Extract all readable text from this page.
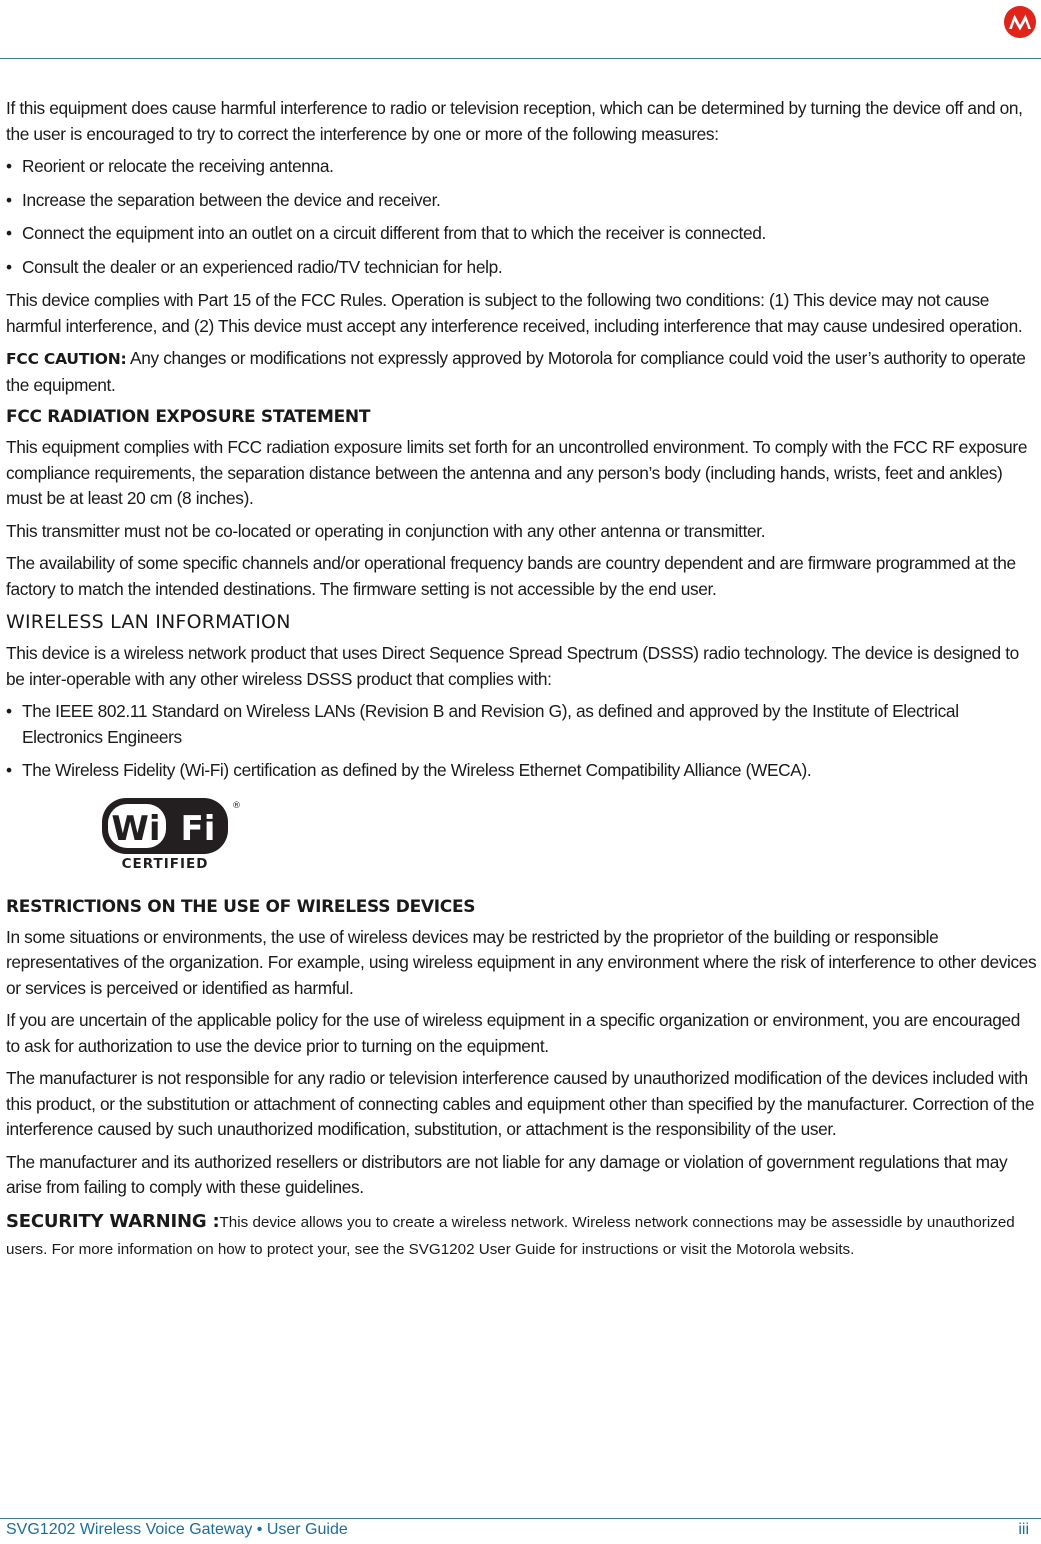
If this equipment does cause harmful interference to radio or television reception, which can be determined by turning the device off and on, the user is encouraged to try to correct the interference by one or more of the following measures:

• Reorient or relocate the receiving antenna.
• Increase the separation between the device and receiver.
• Connect the equipment into an outlet on a circuit different from that to which the receiver is connected.
• Consult the dealer or an experienced radio/TV technician for help.

This device complies with Part 15 of the FCC Rules. Operation is subject to the following two conditions: (1) This device may not cause harmful interference, and (2) This device must accept any interference received, including interference that may cause undesired operation.

FCC CAUTION: Any changes or modifications not expressly approved by Motorola for compliance could void the user’s authority to operate the equipment.

FCC RADIATION EXPOSURE STATEMENT

This equipment complies with FCC radiation exposure limits set forth for an uncontrolled environment. To comply with the FCC RF exposure compliance requirements, the separation distance between the antenna and any person’s body (including hands, wrists, feet and ankles) must be at least 20 cm (8 inches).

This transmitter must not be co-located or operating in conjunction with any other antenna or transmitter.

The availability of some specific channels and/or operational frequency bands are country dependent and are firmware programmed at the factory to match the intended destinations. The firmware setting is not accessible by the end user.

WIRELESS LAN INFORMATION

This device is a wireless network product that uses Direct Sequence Spread Spectrum (DSSS) radio technology. The device is designed to be inter-operable with any other wireless DSSS product that complies with:

• The IEEE 802.11 Standard on Wireless LANs (Revision B and Revision G), as defined and approved by the Institute of Electrical Electronics Engineers
• The Wireless Fidelity (Wi-Fi) certification as defined by the Wireless Ethernet Compatibility Alliance (WECA).
Wi Fi
®
CERTIFIED
RESTRICTIONS ON THE USE OF WIRELESS DEVICES

In some situations or environments, the use of wireless devices may be restricted by the proprietor of the building or responsible representatives of the organization. For example, using wireless equipment in any environment where the risk of interference to other devices or services is perceived or identified as harmful.

If you are uncertain of the applicable policy for the use of wireless equipment in a specific organization or environment, you are encouraged to ask for authorization to use the device prior to turning on the equipment.

The manufacturer is not responsible for any radio or television interference caused by unauthorized modification of the devices included with this product, or the substitution or attachment of connecting cables and equipment other than specified by the manufacturer. Correction of the interference caused by such unauthorized modification, substitution, or attachment is the responsibility of the user.

The manufacturer and its authorized resellers or distributors are not liable for any damage or violation of government regulations that may arise from failing to comply with these guidelines.

SECURITY WARNING :This device allows you to create a wireless network. Wireless network connections may be assessidle by unauthorized users. For more information on how to protect your, see the SVG1202 User Guide for instructions or visit the Motorola websits.

SVG1202 Wireless Voice Gateway • User Guide	iii
